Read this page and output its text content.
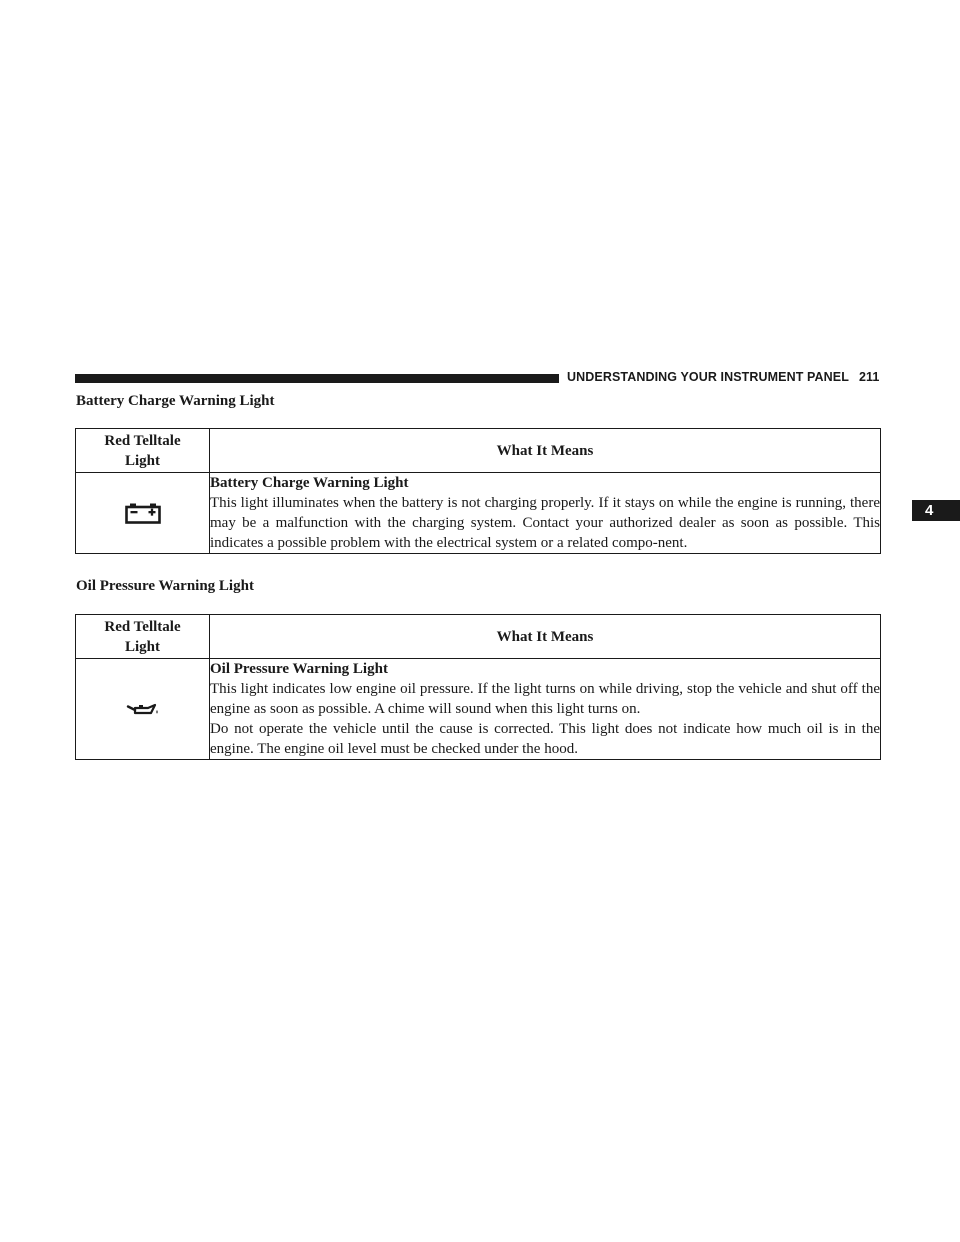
UNDERSTANDING YOUR INSTRUMENT PANEL 211
4
Battery Charge Warning Light
Red Telltale
Light	What It Means

Battery Charge Warning Light
This light illuminates when the battery is not charging properly. If it stays on while the engine is running, there may be a malfunction with the charging system. Contact your authorized dealer as soon as possible. This indicates a possible problem with the electrical system or a related compo-nent.
Oil Pressure Warning Light
Red Telltale
Light	What It Means

Oil Pressure Warning Light
This light indicates low engine oil pressure. If the light turns on while driving, stop the vehicle and shut off the engine as soon as possible. A chime will sound when this light turns on.
Do not operate the vehicle until the cause is corrected. This light does not indicate how much oil is in the engine. The engine oil level must be checked under the hood.
